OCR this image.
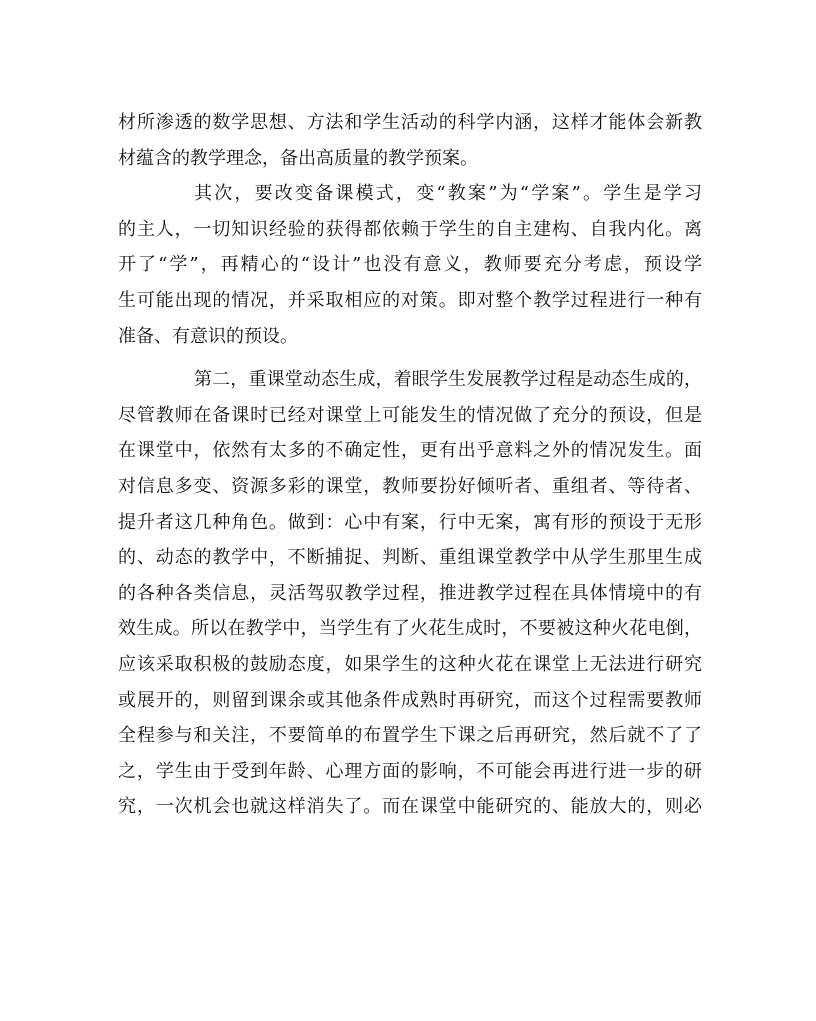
材所渗透的数学思想、方法和学生活动的科学内涵，这样才能体会新教
材蕴含的教学理念，备出高质量的教学预案。
其次，要改变备课模式，变“教案”为“学案”。学生是学习
的主人，一切知识经验的获得都依赖于学生的自主建构、自我内化。离
开了“学”，再精心的“设计”也没有意义，教师要充分考虑，预设学
生可能出现的情况，并采取相应的对策。即对整个教学过程进行一种有
准备、有意识的预设。
第二，重课堂动态生成，着眼学生发展教学过程是动态生成的，
尽管教师在备课时已经对课堂上可能发生的情况做了充分的预设，但是
在课堂中，依然有太多的不确定性，更有出乎意料之外的情况发生。面
对信息多变、资源多彩的课堂，教师要扮好倾听者、重组者、等待者、
提升者这几种角色。做到：心中有案，行中无案，寓有形的预设于无形
的、动态的教学中，不断捕捉、判断、重组课堂教学中从学生那里生成
的各种各类信息，灵活驾驭教学过程，推进教学过程在具体情境中的有
效生成。所以在教学中，当学生有了火花生成时，不要被这种火花电倒，
应该采取积极的鼓励态度，如果学生的这种火花在课堂上无法进行研究
或展开的，则留到课余或其他条件成熟时再研究，而这个过程需要教师
全程参与和关注，不要简单的布置学生下课之后再研究，然后就不了了
之，学生由于受到年龄、心理方面的影响，不可能会再进行进一步的研
究，一次机会也就这样消失了。而在课堂中能研究的、能放大的，则必
